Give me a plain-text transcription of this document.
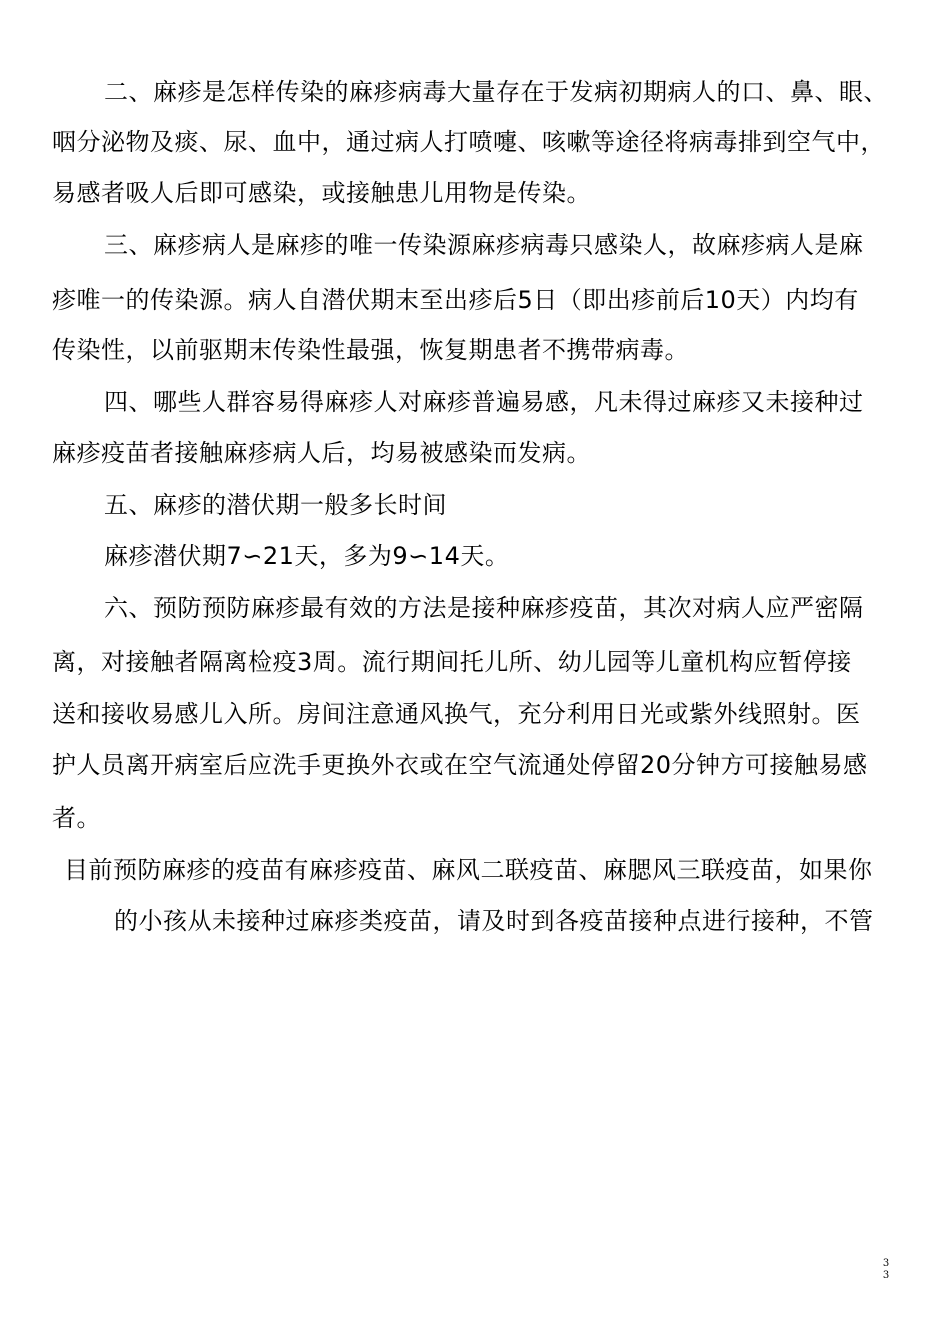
二、麻疹是怎样传染的麻疹病毒大量存在于发病初期病人的口、鼻、眼、
咽分泌物及痰、尿、血中，通过病人打喷嚏、咳嗽等途径将病毒排到空气中，
易感者吸人后即可感染，或接触患儿用物是传染。
三、麻疹病人是麻疹的唯一传染源麻疹病毒只感染人，故麻疹病人是麻
疹唯一的传染源。病人自潜伏期末至出疹后5日（即出疹前后10天）内均有
传染性，以前驱期末传染性最强，恢复期患者不携带病毒。
四、哪些人群容易得麻疹人对麻疹普遍易感，凡未得过麻疹又未接种过
麻疹疫苗者接触麻疹病人后，均易被感染而发病。
五、麻疹的潜伏期一般多长时间
麻疹潜伏期7∽21天，多为9∽14天。
六、预防预防麻疹最有效的方法是接种麻疹疫苗，其次对病人应严密隔
离，对接触者隔离检疫3周。流行期间托儿所、幼儿园等儿童机构应暂停接
送和接收易感儿入所。房间注意通风换气，充分利用日光或紫外线照射。医
护人员离开病室后应洗手更换外衣或在空气流通处停留20分钟方可接触易感
者。
目前预防麻疹的疫苗有麻疹疫苗、麻风二联疫苗、麻腮风三联疫苗，如果你
的小孩从未接种过麻疹类疫苗，请及时到各疫苗接种点进行接种，不管
3
3
